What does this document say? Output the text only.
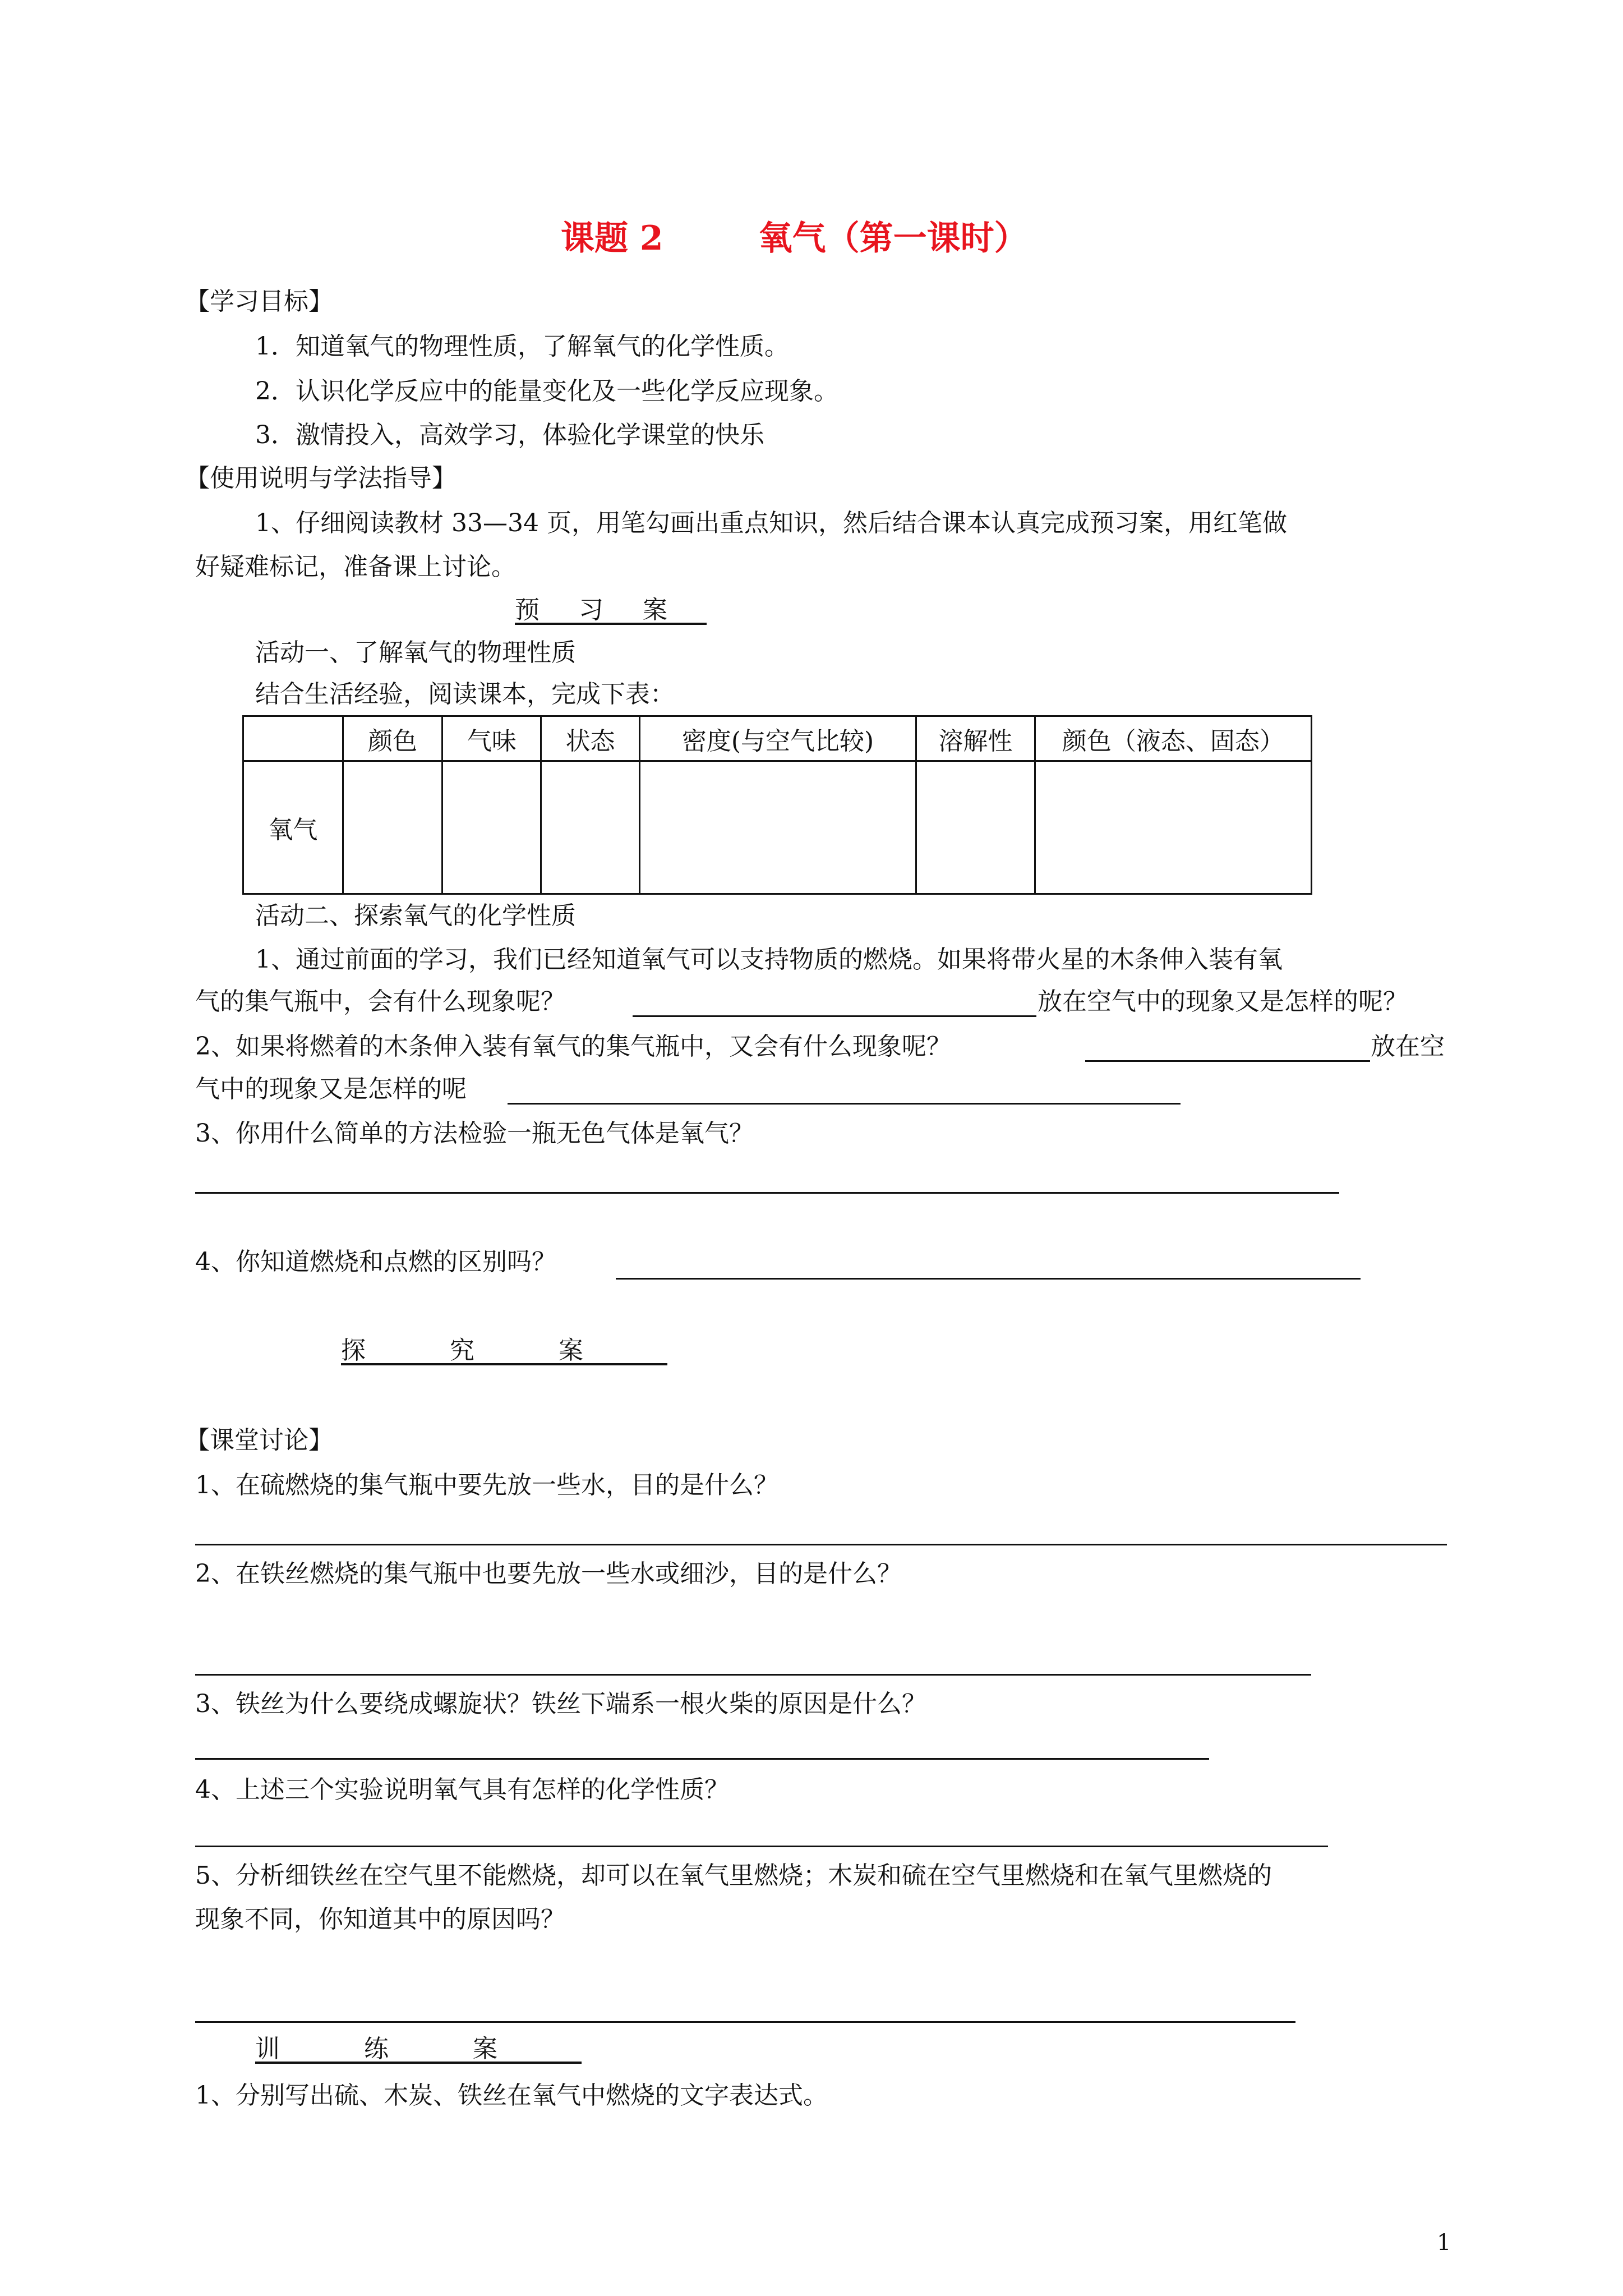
课题 2	氧气（第一课时）
【学习目标】
1．知道氧气的物理性质，了解氧气的化学性质。
2．认识化学反应中的能量变化及一些化学反应现象。
3．激情投入，高效学习，体验化学课堂的快乐
【使用说明与学法指导】
1、仔细阅读教材 33—34 页，用笔勾画出重点知识，然后结合课本认真完成预习案，用红笔做
好疑难标记，准备课上讨论。
预习案
活动一、了解氧气的物理性质
结合生活经验，阅读课本，完成下表：
	颜色	气味	状态	密度(与空气比较)	溶解性	颜色（液态、固态）
氧气						
活动二、探索氧气的化学性质
1、通过前面的学习，我们已经知道氧气可以支持物质的燃烧。如果将带火星的木条伸入装有氧
气的集气瓶中，会有什么现象呢？	放在空气中的现象又是怎样的呢？
2、如果将燃着的木条伸入装有氧气的集气瓶中，又会有什么现象呢？	放在空
气中的现象又是怎样的呢
3、你用什么简单的方法检验一瓶无色气体是氧气？
4、你知道燃烧和点燃的区别吗？
探究案
【课堂讨论】
1、在硫燃烧的集气瓶中要先放一些水，目的是什么？
2、在铁丝燃烧的集气瓶中也要先放一些水或细沙，目的是什么？
3、铁丝为什么要绕成螺旋状？铁丝下端系一根火柴的原因是什么？
4、上述三个实验说明氧气具有怎样的化学性质？
5、分析细铁丝在空气里不能燃烧，却可以在氧气里燃烧；木炭和硫在空气里燃烧和在氧气里燃烧的
现象不同，你知道其中的原因吗？
训练案
1、分别写出硫、木炭、铁丝在氧气中燃烧的文字表达式。
1
